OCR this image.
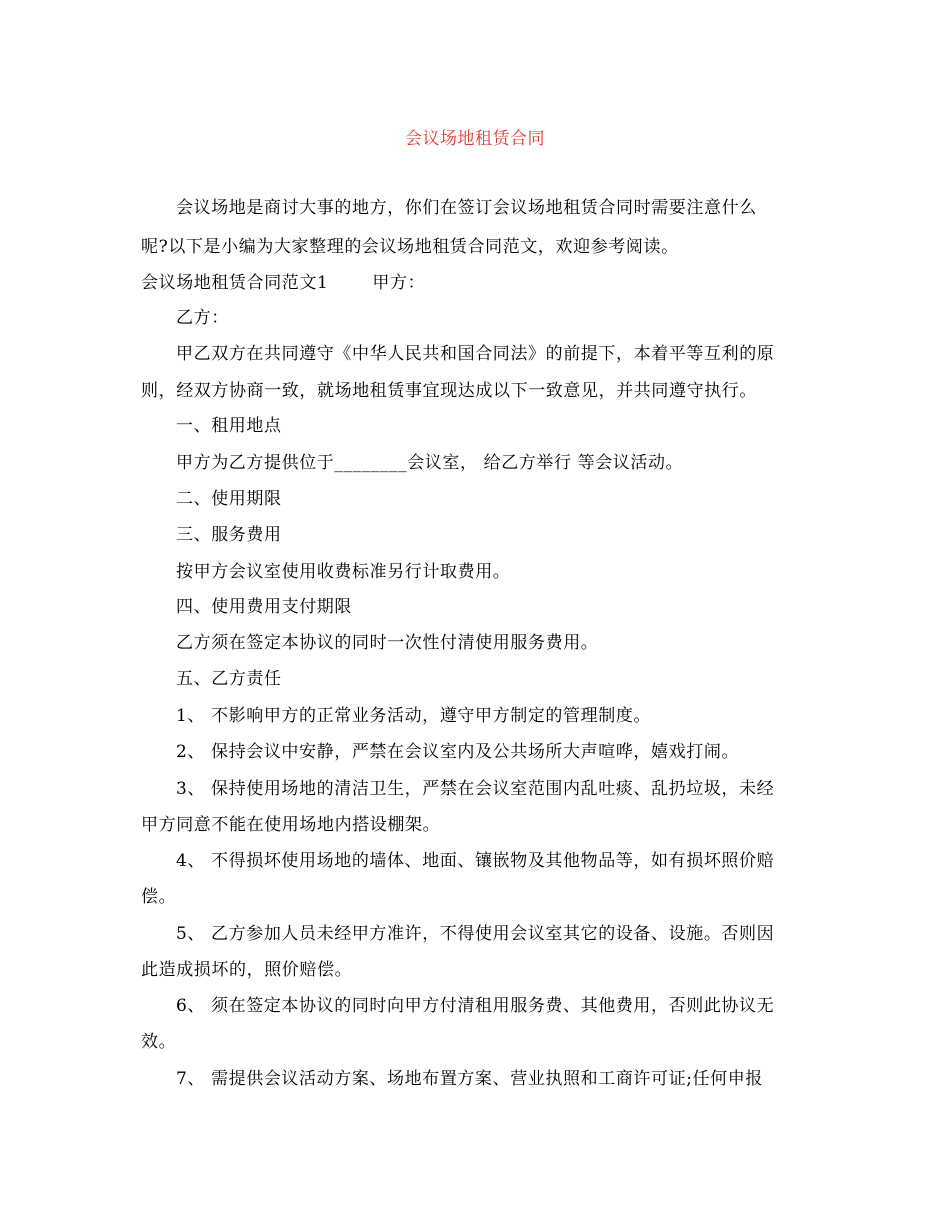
会议场地租赁合同
会议场地是商讨大事的地方，你们在签订会议场地租赁合同时需要注意什么
呢?以下是小编为大家整理的会议场地租赁合同范文，欢迎参考阅读。
会议场地租赁合同范文1	甲方：
乙方：
甲乙双方在共同遵守《中华人民共和国合同法》的前提下，本着平等互利的原
则，经双方协商一致，就场地租赁事宜现达成以下一致意见，并共同遵守执行。
一、租用地点
甲方为乙方提供位于________会议室， 给乙方举行 等会议活动。
二、使用期限
三、服务费用
按甲方会议室使用收费标准另行计取费用。
四、使用费用支付期限
乙方须在签定本协议的同时一次性付清使用服务费用。
五、乙方责任
1、 不影响甲方的正常业务活动，遵守甲方制定的管理制度。
2、 保持会议中安静，严禁在会议室内及公共场所大声喧哗，嬉戏打闹。
3、 保持使用场地的清洁卫生，严禁在会议室范围内乱吐痰、乱扔垃圾，未经
甲方同意不能在使用场地内搭设棚架。
4、 不得损坏使用场地的墙体、地面、镶嵌物及其他物品等，如有损坏照价赔
偿。
5、 乙方参加人员未经甲方准许，不得使用会议室其它的设备、设施。否则因
此造成损坏的，照价赔偿。
6、 须在签定本协议的同时向甲方付清租用服务费、其他费用，否则此协议无
效。
7、 需提供会议活动方案、场地布置方案、营业执照和工商许可证;任何申报
